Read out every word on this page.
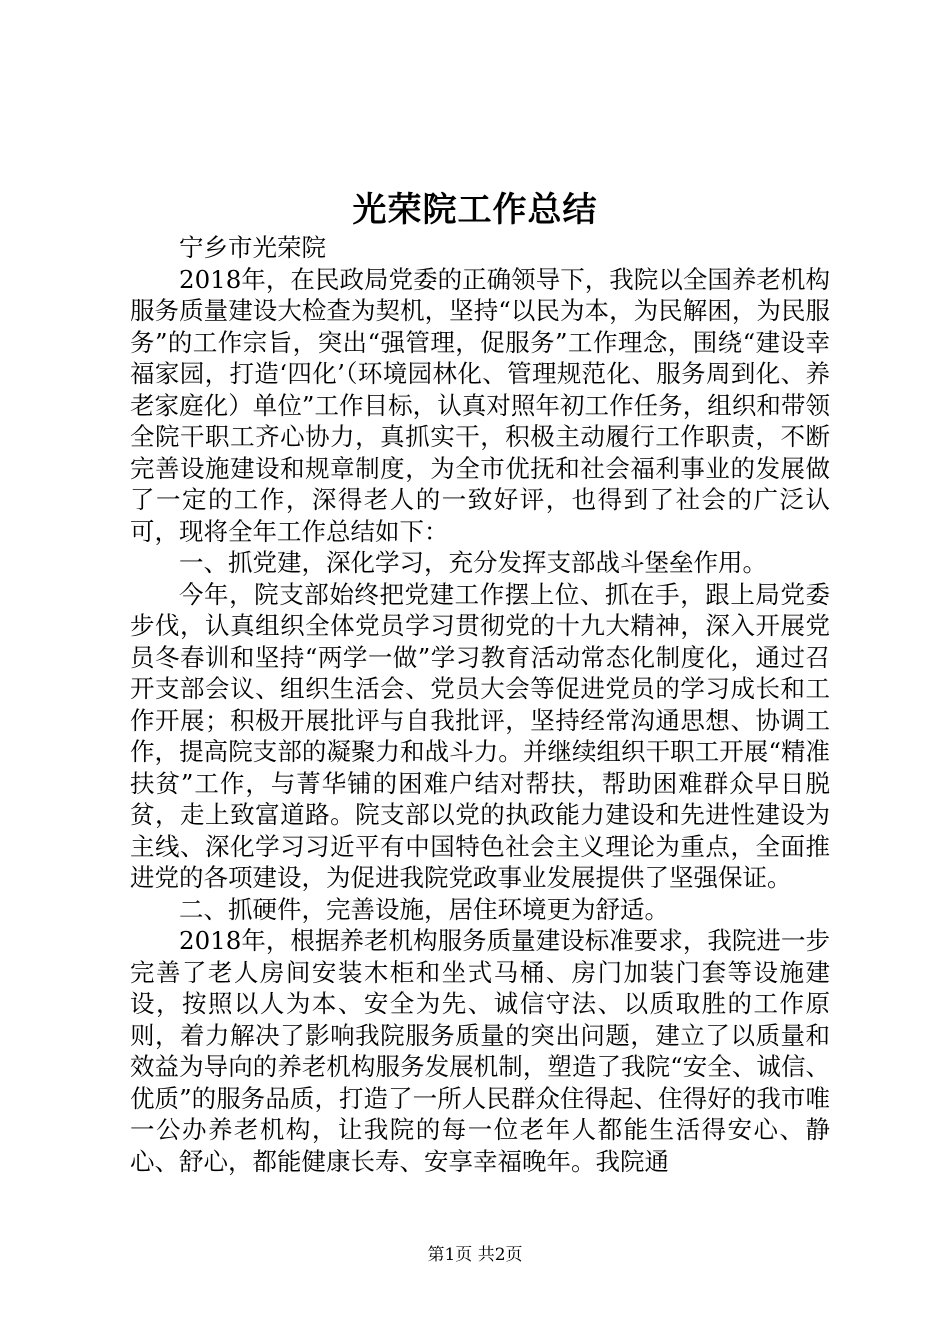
光荣院工作总结

宁乡市光荣院

2018年，在民政局党委的正确领导下，我院以全国养老机构服务质量建设大检查为契机，坚持“以民为本，为民解困，为民服务”的工作宗旨，突出“强管理，促服务”工作理念，围绕“建设幸福家园，打造‘四化’（环境园林化、管理规范化、服务周到化、养老家庭化）单位”工作目标，认真对照年初工作任务，组织和带领全院干职工齐心协力，真抓实干，积极主动履行工作职责，不断完善设施建设和规章制度，为全市优抚和社会福利事业的发展做了一定的工作，深得老人的一致好评，也得到了社会的广泛认可，现将全年工作总结如下：

一、抓党建，深化学习，充分发挥支部战斗堡垒作用。

今年，院支部始终把党建工作摆上位、抓在手，跟上局党委步伐，认真组织全体党员学习贯彻党的十九大精神，深入开展党员冬春训和坚持“两学一做”学习教育活动常态化制度化，通过召开支部会议、组织生活会、党员大会等促进党员的学习成长和工作开展；积极开展批评与自我批评，坚持经常沟通思想、协调工作，提高院支部的凝聚力和战斗力。并继续组织干职工开展“精准扶贫”工作，与菁华铺的困难户结对帮扶，帮助困难群众早日脱贫，走上致富道路。院支部以党的执政能力建设和先进性建设为主线、深化学习习近平有中国特色社会主义理论为重点，全面推进党的各项建设，为促进我院党政事业发展提供了坚强保证。

二、抓硬件，完善设施，居住环境更为舒适。

2018年，根据养老机构服务质量建设标准要求，我院进一步完善了老人房间安装木柜和坐式马桶、房门加装门套等设施建设，按照以人为本、安全为先、诚信守法、以质取胜的工作原则，着力解决了影响我院服务质量的突出问题，建立了以质量和效益为导向的养老机构服务发展机制，塑造了我院“安全、诚信、优质”的服务品质，打造了一所人民群众住得起、住得好的我市唯一公办养老机构，让我院的每一位老年人都能生活得安心、静心、舒心，都能健康长寿、安享幸福晚年。我院通

第1页 共2页
